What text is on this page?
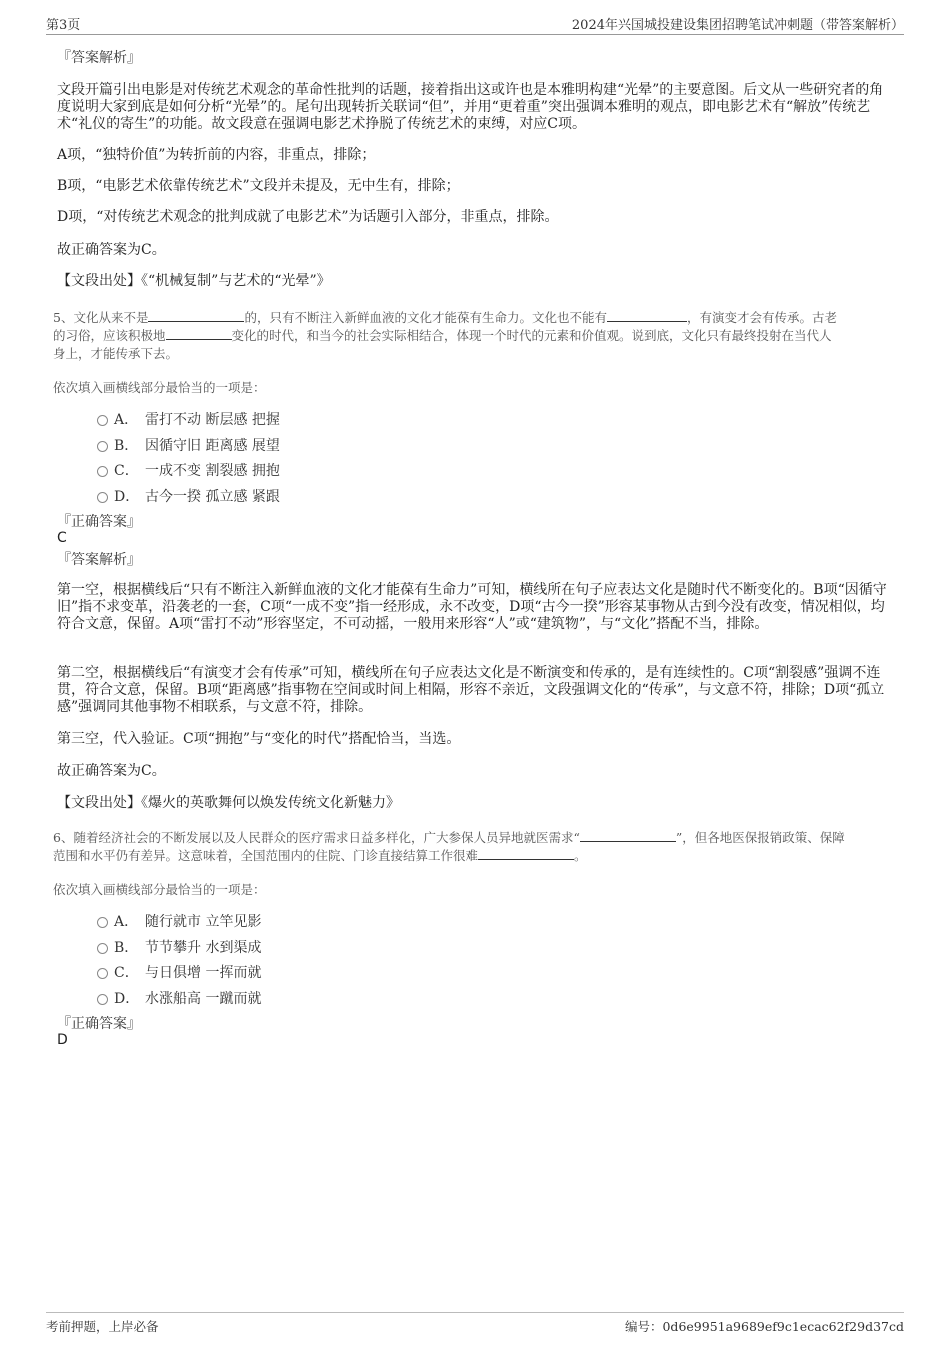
第3页	2024年兴国城投建设集团招聘笔试冲刺题（带答案解析）
『答案解析』
文段开篇引出电影是对传统艺术观念的革命性批判的话题，接着指出这或许也是本雅明构建“光晕”的主要意图。后文从一些研究者的角度说明大家到底是如何分析“光晕”的。尾句出现转折关联词“但”，并用“更着重”突出强调本雅明的观点，即电影艺术有“解放”传统艺术“礼仪的寄生”的功能。故文段意在强调电影艺术挣脱了传统艺术的束缚，对应C项。
A项，“独特价值”为转折前的内容，非重点，排除；
B项，“电影艺术依靠传统艺术”文段并未提及，无中生有，排除；
D项，“对传统艺术观念的批判成就了电影艺术”为话题引入部分，非重点，排除。
故正确答案为C。
【文段出处】《“机械复制”与艺术的“光晕”》
5、文化从来不是	的，只有不断注入新鲜血液的文化才能葆有生命力。文化也不能有	，有演变才会有传承。古老
的习俗，应该积极地	变化的时代，和当今的社会实际相结合，体现一个时代的元素和价值观。说到底，文化只有最终投射在当代人
身上，才能传承下去。
依次填入画横线部分最恰当的一项是：
A． 雷打不动 断层感 把握
B． 因循守旧 距离感 展望
C． 一成不变 割裂感 拥抱
D． 古今一揆 孤立感 紧跟
『正确答案』
C
『答案解析』
第一空，根据横线后“只有不断注入新鲜血液的文化才能葆有生命力”可知，横线所在句子应表达文化是随时代不断变化的。B项“因循守旧”指不求变革，沿袭老的一套，C项“一成不变”指一经形成，永不改变，D项“古今一揆”形容某事物从古到今没有改变，情况相似，均符合文意，保留。A项“雷打不动”形容坚定，不可动摇，一般用来形容“人”或“建筑物”，与“文化”搭配不当，排除。
第二空，根据横线后“有演变才会有传承”可知，横线所在句子应表达文化是不断演变和传承的，是有连续性的。C项“割裂感”强调不连贯，符合文意，保留。B项“距离感”指事物在空间或时间上相隔，形容不亲近，文段强调文化的“传承”，与文意不符，排除；D项“孤立感”强调同其他事物不相联系，与文意不符，排除。
第三空，代入验证。C项“拥抱”与“变化的时代”搭配恰当，当选。
故正确答案为C。
【文段出处】《爆火的英歌舞何以焕发传统文化新魅力》
6、随着经济社会的不断发展以及人民群众的医疗需求日益多样化，广大参保人员异地就医需求“	”，但各地医保报销政策、保障
范围和水平仍有差异。这意味着，全国范围内的住院、门诊直接结算工作很难	。
依次填入画横线部分最恰当的一项是：
A． 随行就市 立竿见影
B． 节节攀升 水到渠成
C． 与日俱增 一挥而就
D． 水涨船高 一蹴而就
『正确答案』
D
考前押题，上岸必备	编号：0d6e9951a9689ef9c1ecac62f29d37cd
